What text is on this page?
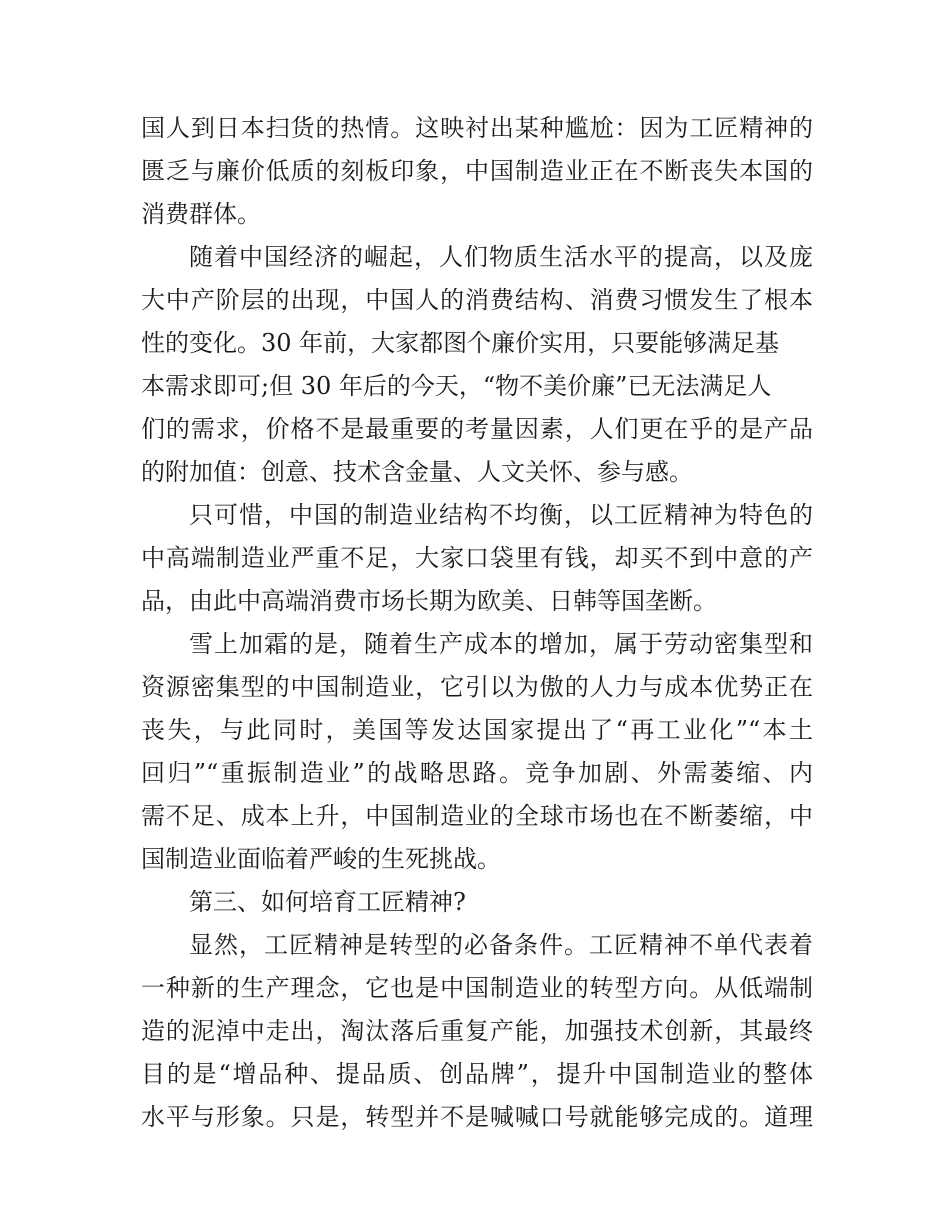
国人到日本扫货的热情。这映衬出某种尴尬：因为工匠精神的
匮乏与廉价低质的刻板印象，中国制造业正在不断丧失本国的
消费群体。
随着中国经济的崛起，人们物质生活水平的提高，以及庞
大中产阶层的出现，中国人的消费结构、消费习惯发生了根本
性的变化。30 年前，大家都图个廉价实用，只要能够满足基
本需求即可;但 30 年后的今天，“物不美价廉”已无法满足人
们的需求，价格不是最重要的考量因素，人们更在乎的是产品
的附加值：创意、技术含金量、人文关怀、参与感。
只可惜，中国的制造业结构不均衡，以工匠精神为特色的
中高端制造业严重不足，大家口袋里有钱，却买不到中意的产
品，由此中高端消费市场长期为欧美、日韩等国垄断。
雪上加霜的是，随着生产成本的增加，属于劳动密集型和
资源密集型的中国制造业，它引以为傲的人力与成本优势正在
丧失，与此同时，美国等发达国家提出了“再工业化”“本土
回归”“重振制造业”的战略思路。竞争加剧、外需萎缩、内
需不足、成本上升，中国制造业的全球市场也在不断萎缩，中
国制造业面临着严峻的生死挑战。
第三、如何培育工匠精神?
显然，工匠精神是转型的必备条件。工匠精神不单代表着
一种新的生产理念，它也是中国制造业的转型方向。从低端制
造的泥淖中走出，淘汰落后重复产能，加强技术创新，其最终
目的是“增品种、提品质、创品牌”，提升中国制造业的整体
水平与形象。只是，转型并不是喊喊口号就能够完成的。道理
